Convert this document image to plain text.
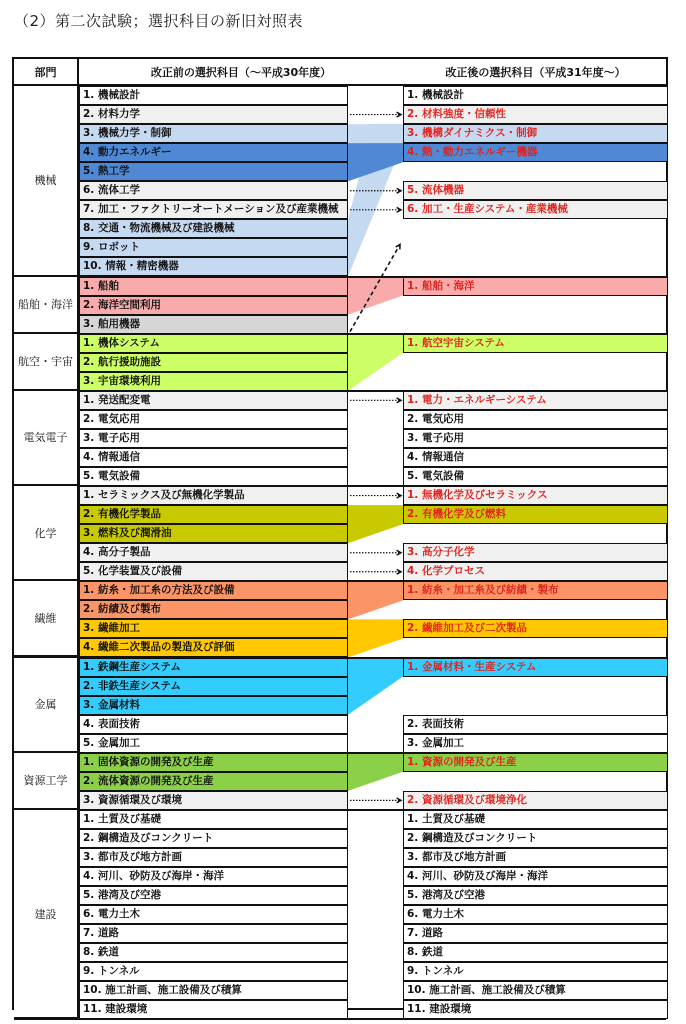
（2）第二次試験；選択科目の新旧対照表
部門	改正前の選択科目（～平成30年度）	改正後の選択科目（平成31年度～）
機械
1. 機械設計
2. 材料力学
3. 機械力学・制御
4. 動力エネルギー
5. 熱工学
6. 流体工学
7. 加工・ファクトリーオートメーション及び産業機械
8. 交通・物流機械及び建設機械
9. ロボット
10. 情報・精密機器
1. 機械設計
2. 材料強度・信頼性
3. 機構ダイナミクス・制御
4. 熱・動力エネルギー機器
5. 流体機器
6. 加工・生産システム・産業機械
船舶・海洋
1. 船舶
2. 海洋空間利用
3. 舶用機器
1. 船舶・海洋
航空・宇宙
1. 機体システム
2. 航行援助施設
3. 宇宙環境利用
1. 航空宇宙システム
電気電子
1. 発送配変電
2. 電気応用
3. 電子応用
4. 情報通信
5. 電気設備
1. 電力・エネルギーシステム
2. 電気応用
3. 電子応用
4. 情報通信
5. 電気設備
化学
1. セラミックス及び無機化学製品
2. 有機化学製品
3. 燃料及び潤滑油
4. 高分子製品
5. 化学装置及び設備
1. 無機化学及びセラミックス
2. 有機化学及び燃料
3. 高分子化学
4. 化学プロセス
繊維
1. 紡糸・加工糸の方法及び設備
2. 紡績及び製布
3. 繊維加工
4. 繊維二次製品の製造及び評価
1. 紡糸・加工糸及び紡績・製布
2. 繊維加工及び二次製品
金属
1. 鉄鋼生産システム
2. 非鉄生産システム
3. 金属材料
4. 表面技術
5. 金属加工
1. 金属材料・生産システム
2. 表面技術
3. 金属加工
資源工学
1. 固体資源の開発及び生産
2. 流体資源の開発及び生産
3. 資源循環及び環境
1. 資源の開発及び生産
2. 資源循環及び環境浄化
建設
1. 土質及び基礎
2. 鋼構造及びコンクリート
3. 都市及び地方計画
4. 河川、砂防及び海岸・海洋
5. 港湾及び空港
6. 電力土木
7. 道路
8. 鉄道
9. トンネル
10. 施工計画、施工設備及び積算
11. 建設環境
1. 土質及び基礎
2. 鋼構造及びコンクリート
3. 都市及び地方計画
4. 河川、砂防及び海岸・海洋
5. 港湾及び空港
6. 電力土木
7. 道路
8. 鉄道
9. トンネル
10. 施工計画、施工設備及び積算
11. 建設環境
